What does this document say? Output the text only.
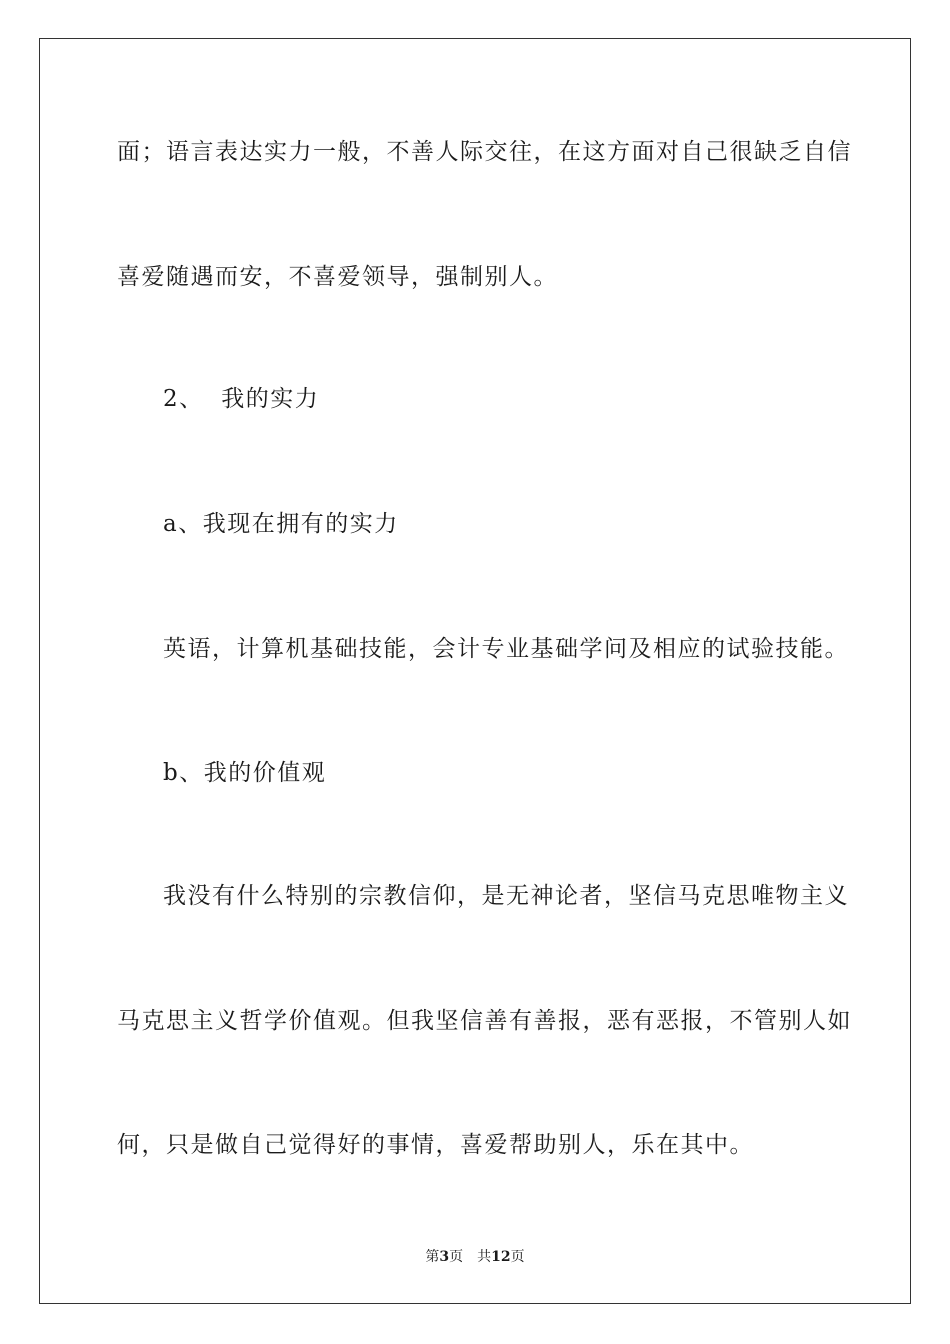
面；语言表达实力一般，不善人际交往，在这方面对自己很缺乏自信
喜爱随遇而安，不喜爱领导，强制别人。
2、  我的实力
a、我现在拥有的实力
英语，计算机基础技能，会计专业基础学问及相应的试验技能。
b、我的价值观
我没有什么特别的宗教信仰，是无神论者，坚信马克思唯物主义
马克思主义哲学价值观。但我坚信善有善报，恶有恶报，不管别人如
何，只是做自己觉得好的事情，喜爱帮助别人，乐在其中。
第3页 共12页
